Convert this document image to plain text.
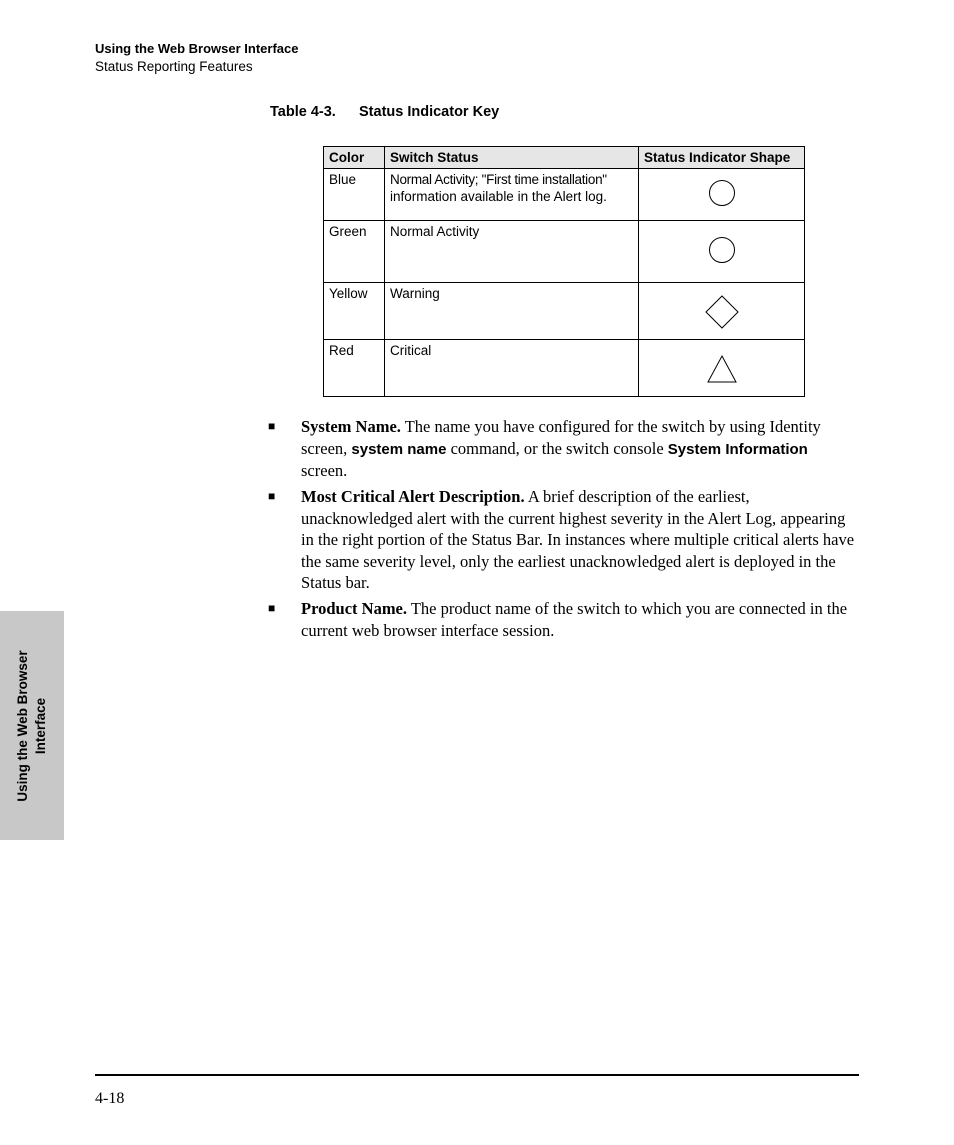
Using the Web Browser Interface
Status Reporting Features
Table 4-3. Status Indicator Key
Color	Switch Status	Status Indicator Shape
Blue	Normal Activity; "First time installation"
information available in the Alert log.

Green	Normal Activity

Yellow	Warning

Red	Critical

■	System Name. The name you have configured for the switch by using Identity screen, system name command, or the switch console System Information screen.
■	Most Critical Alert Description. A brief description of the earliest, unacknowledged alert with the current highest severity in the Alert Log, appearing in the right portion of the Status Bar. In instances where multiple critical alerts have the same severity level, only the earliest unacknowledged alert is deployed in the Status bar.
■	Product Name. The product name of the switch to which you are connected in the current web browser interface session.
Using the Web Browser Interface
4-18
